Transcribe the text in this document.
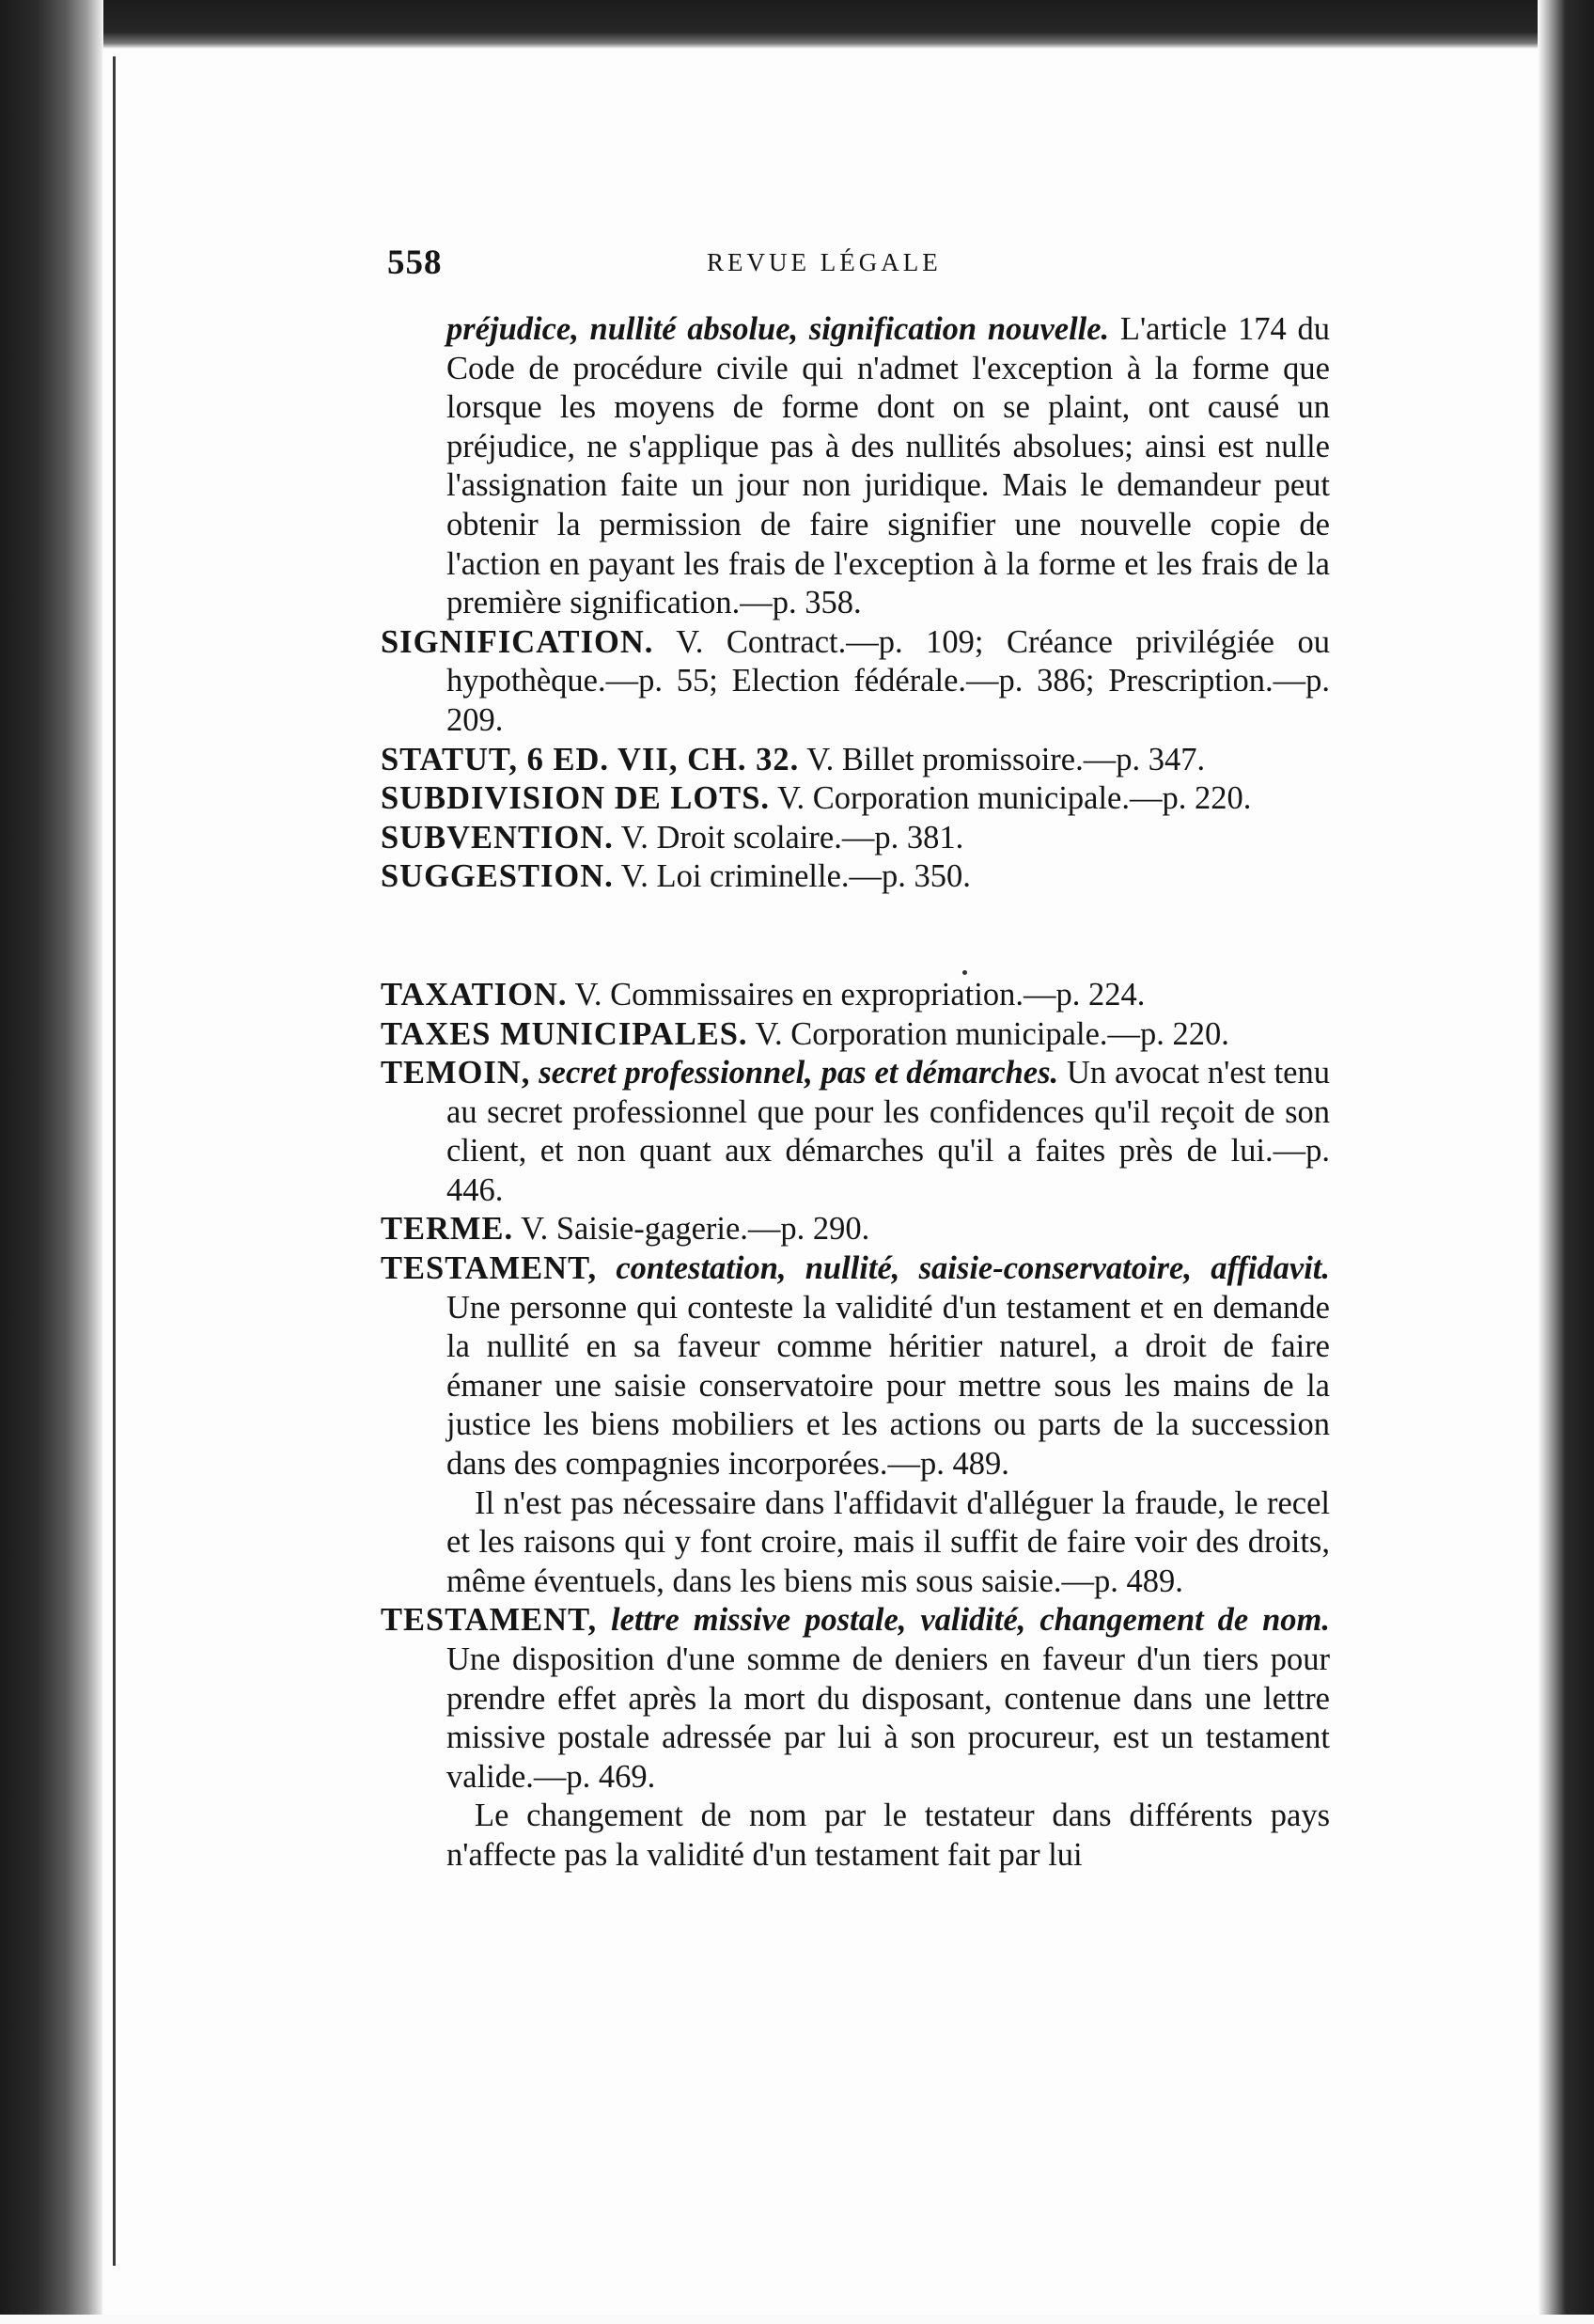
558	REVUE LÉGALE

préjudice, nullité absolue, signification nouvelle. L'article 174 du Code de procédure civile qui n'admet l'exception à la forme que lorsque les moyens de forme dont on se plaint, ont causé un préjudice, ne s'applique pas à des nullités absolues; ainsi est nulle l'assignation faite un jour non juridique. Mais le demandeur peut obtenir la permission de faire signifier une nouvelle copie de l'action en payant les frais de l'exception à la forme et les frais de la première signification.—p. 358.

SIGNIFICATION. V. Contract.—p. 109; Créance privilégiée ou hypothèque.—p. 55; Election fédérale.—p. 386; Prescription.—p. 209.

STATUT, 6 ED. VII, CH. 32. V. Billet promissoire.—p. 347.

SUBDIVISION DE LOTS. V. Corporation municipale.—p. 220.

SUBVENTION. V. Droit scolaire.—p. 381.

SUGGESTION. V. Loi criminelle.—p. 350.

TAXATION. V. Commissaires en expropriation.—p. 224.

TAXES MUNICIPALES. V. Corporation municipale.—p. 220.

TEMOIN, secret professionnel, pas et démarches. Un avocat n'est tenu au secret professionnel que pour les confidences qu'il reçoit de son client, et non quant aux démarches qu'il a faites près de lui.—p. 446.

TERME. V. Saisie-gagerie.—p. 290.

TESTAMENT, contestation, nullité, saisie-conservatoire, affidavit. Une personne qui conteste la validité d'un testament et en demande la nullité en sa faveur comme héritier naturel, a droit de faire émaner une saisie conservatoire pour mettre sous les mains de la justice les biens mobiliers et les actions ou parts de la succession dans des compagnies incorporées.—p. 489.

Il n'est pas nécessaire dans l'affidavit d'alléguer la fraude, le recel et les raisons qui y font croire, mais il suffit de faire voir des droits, même éventuels, dans les biens mis sous saisie.—p. 489.

TESTAMENT, lettre missive postale, validité, changement de nom. Une disposition d'une somme de deniers en faveur d'un tiers pour prendre effet après la mort du disposant, contenue dans une lettre missive postale adressée par lui à son procureur, est un testament valide.—p. 469.

Le changement de nom par le testateur dans différents pays n'affecte pas la validité d'un testament fait par lui
